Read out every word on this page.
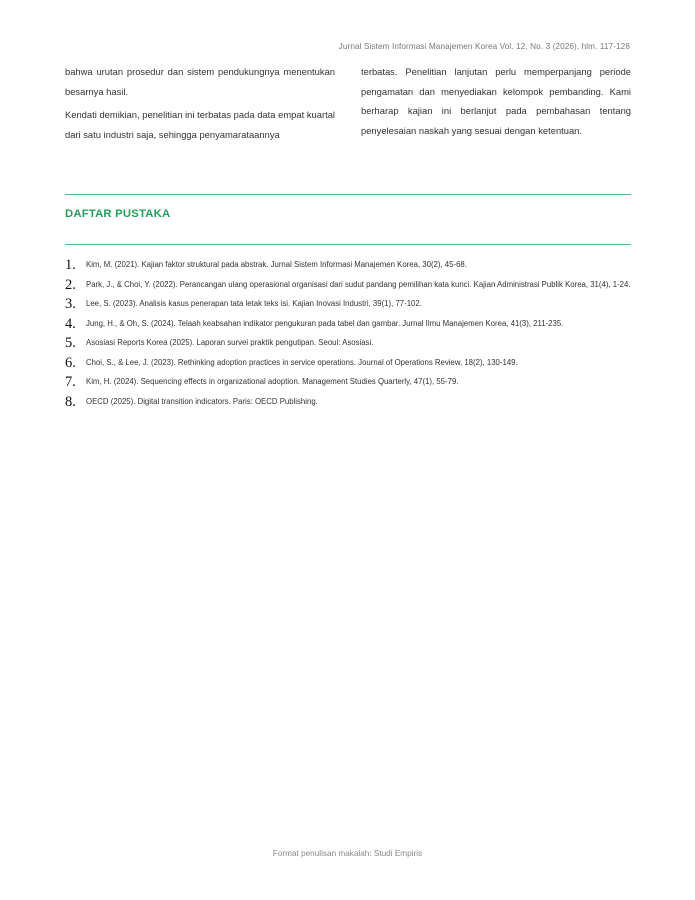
Jurnal Sistem Informasi Manajemen Korea Vol. 12, No. 3 (2026), hlm. 117-128

bahwa urutan prosedur dan sistem pendukungnya menentukan besarnya hasil.

Kendati demikian, penelitian ini terbatas pada data empat kuartal dari satu industri saja, sehingga penyamarataannya

terbatas. Penelitian lanjutan perlu memperpanjang periode pengamatan dan menyediakan kelompok pembanding. Kami berharap kajian ini berlanjut pada pembahasan tentang penyelesaian naskah yang sesuai dengan ketentuan.

DAFTAR PUSTAKA
1.	Kim, M. (2021). Kajian faktor struktural pada abstrak. Jurnal Sistem Informasi Manajemen Korea, 30(2), 45-68.
2.	Park, J., & Choi, Y. (2022). Perancangan ulang operasional organisasi dari sudut pandang pemilihan kata kunci. Kajian Administrasi Publik Korea, 31(4), 1-24.
3.	Lee, S. (2023). Analisis kasus penerapan tata letak teks isi. Kajian Inovasi Industri, 39(1), 77-102.
4.	Jung, H., & Oh, S. (2024). Telaah keabsahan indikator pengukuran pada tabel dan gambar. Jurnal Ilmu Manajemen Korea, 41(3), 211-235.
5.	Asosiasi Reports Korea (2025). Laporan survei praktik pengutipan. Seoul: Asosiasi.
6.	Choi, S., & Lee, J. (2023). Rethinking adoption practices in service operations. Journal of Operations Review, 18(2), 130-149.
7.	Kim, H. (2024). Sequencing effects in organizational adoption. Management Studies Quarterly, 47(1), 55-79.
8.	OECD (2025). Digital transition indicators. Paris: OECD Publishing.
Format penulisan makalah: Studi Empiris
